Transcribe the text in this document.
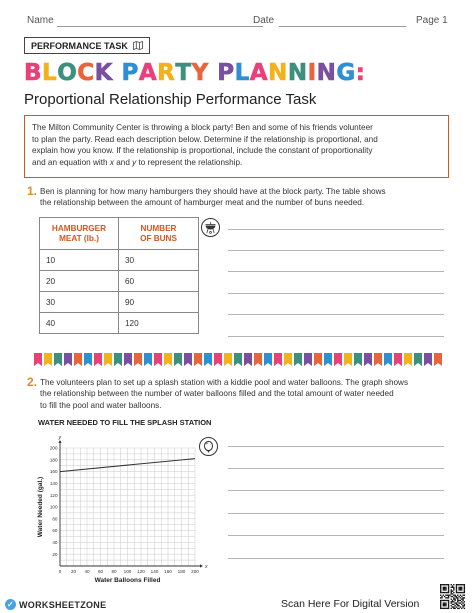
Name	Date	Page 1
PERFORMANCE TASK
BLOCK PARTY PLANNING:
Proportional Relationship Performance Task
The Milton Community Center is throwing a block party! Ben and some of his friends volunteer
to plan the party. Read each description below. Determine if the relationship is proportional, and
explain how you know. If the relationship is proportional, include the constant of proportionality
and an equation with x and y to represent the relationship.
1. Ben is planning for how many hamburgers they should have at the block party. The table shows
the relationship between the amount of hamburger meat and the number of buns needed.
HAMBURGER
MEAT (lb.)	NUMBER
OF BUNS
10	30
20	60
30	90
40	120
2. The volunteers plan to set up a splash station with a kiddie pool and water balloons. The graph shows
the relationship between the number of water balloons filled and the total amount of water needed
to fill the pool and water balloons.
WATER NEEDED TO FILL THE SPLASH STATION
x
y
0 20 40 60 80 100 120 140 160 180 200
20
40
60
80
100
120
140
160
180
200
Water Balloons Filled
Water Needed (gal.)
✓ WORKSHEETZONE	Scan Here For Digital Version
